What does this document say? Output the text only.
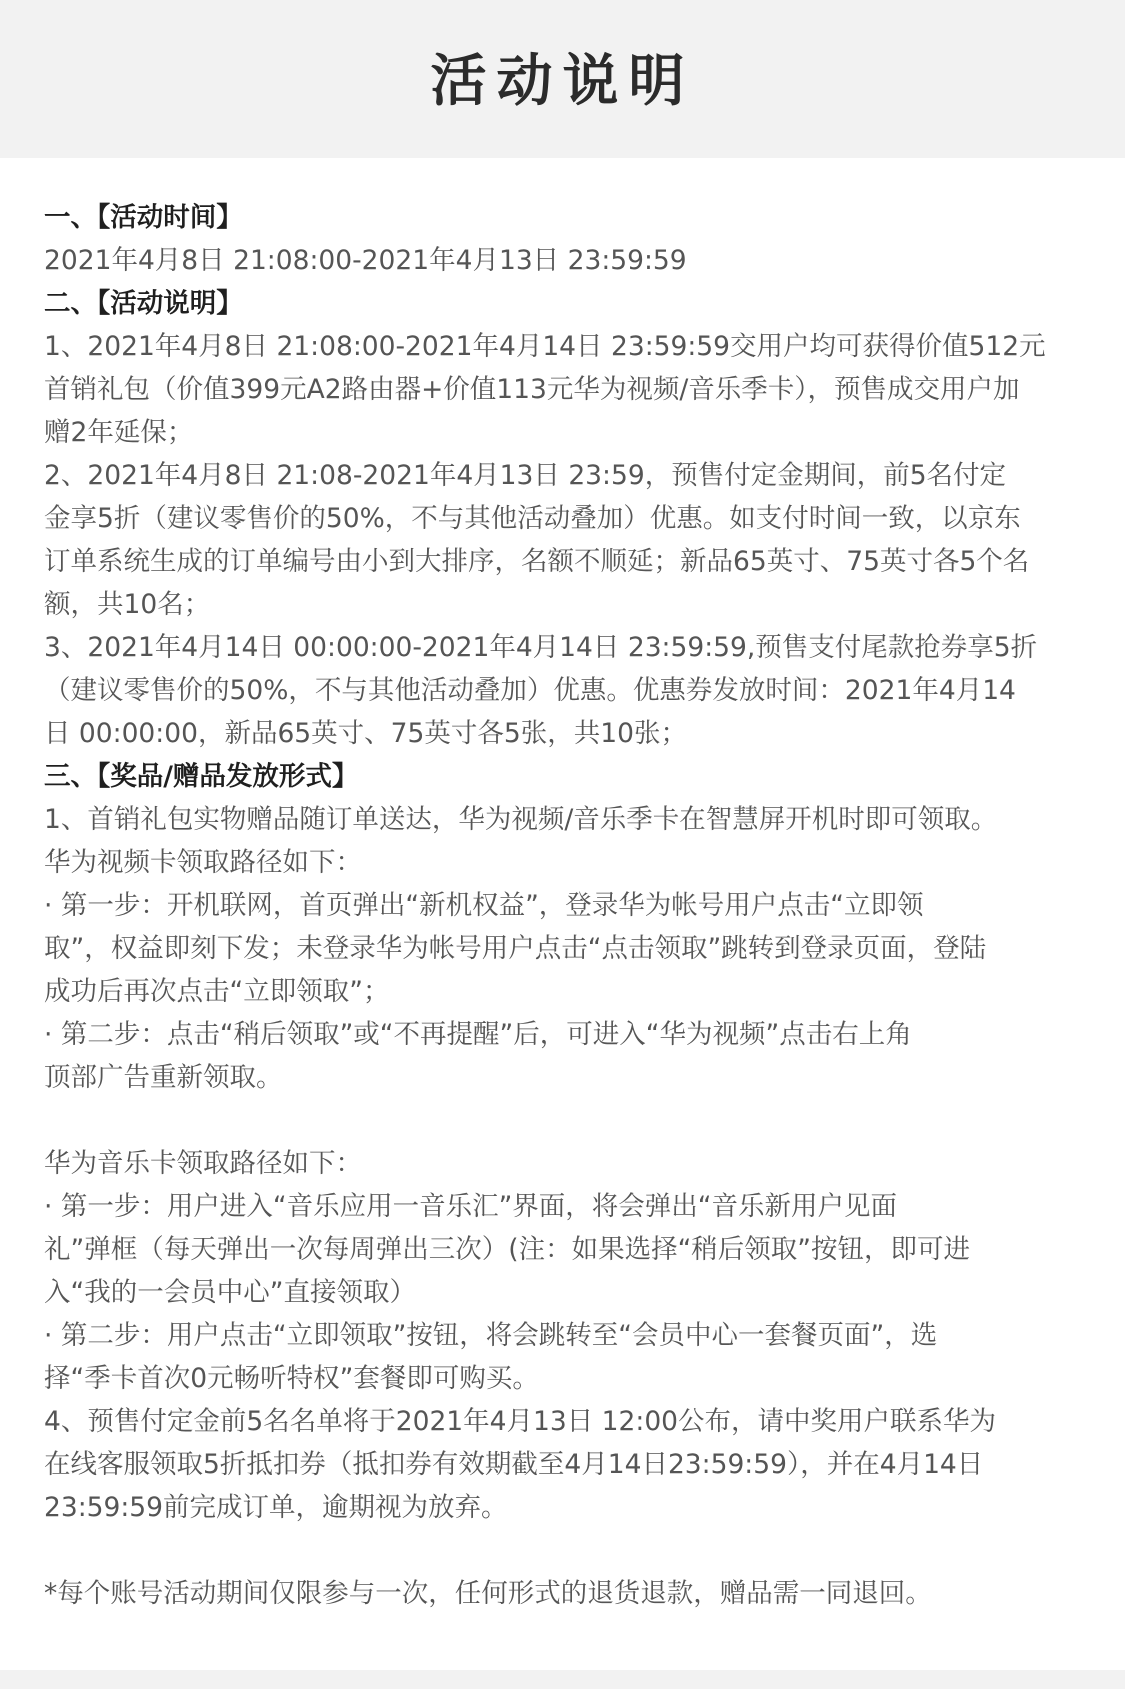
活动说明
一、【活动时间】
2021年4月8日 21:08:00-2021年4月13日 23:59:59
二、【活动说明】
1、2021年4月8日 21:08:00-2021年4月14日 23:59:59交用户均可获得价值512元
首销礼包（价值399元A2路由器+价值113元华为视频/音乐季卡），预售成交用户加
赠2年延保；
2、2021年4月8日 21:08-2021年4月13日 23:59，预售付定金期间，前5名付定
金享5折（建议零售价的50%，不与其他活动叠加）优惠。如支付时间一致，以京东
订单系统生成的订单编号由小到大排序，名额不顺延；新品65英寸、75英寸各5个名
额，共10名；
3、2021年4月14日 00:00:00-2021年4月14日 23:59:59,预售支付尾款抢券享5折
（建议零售价的50%，不与其他活动叠加）优惠。优惠券发放时间：2021年4月14
日 00:00:00，新品65英寸、75英寸各5张，共10张；
三、【奖品/赠品发放形式】
1、首销礼包实物赠品随订单送达，华为视频/音乐季卡在智慧屏开机时即可领取。
华为视频卡领取路径如下：
· 第一步：开机联网，首页弹出“新机权益”，登录华为帐号用户点击“立即领
取”，权益即刻下发；未登录华为帐号用户点击“点击领取”跳转到登录页面，登陆
成功后再次点击“立即领取”；
· 第二步：点击“稍后领取”或“不再提醒”后，可进入“华为视频”点击右上角
顶部广告重新领取。
华为音乐卡领取路径如下：
· 第一步：用户进入“音乐应用一音乐汇”界面，将会弹出“音乐新用户见面
礼”弹框（每天弹出一次每周弹出三次）(注：如果选择“稍后领取”按钮，即可进
入“我的一会员中心”直接领取）
· 第二步：用户点击“立即领取”按钮，将会跳转至“会员中心一套餐页面”，选
择“季卡首次0元畅听特权”套餐即可购买。
4、预售付定金前5名名单将于2021年4月13日 12:00公布，请中奖用户联系华为
在线客服领取5折抵扣券（抵扣券有效期截至4月14日23:59:59），并在4月14日
23:59:59前完成订单，逾期视为放弃。
*每个账号活动期间仅限参与一次，任何形式的退货退款，赠品需一同退回。
